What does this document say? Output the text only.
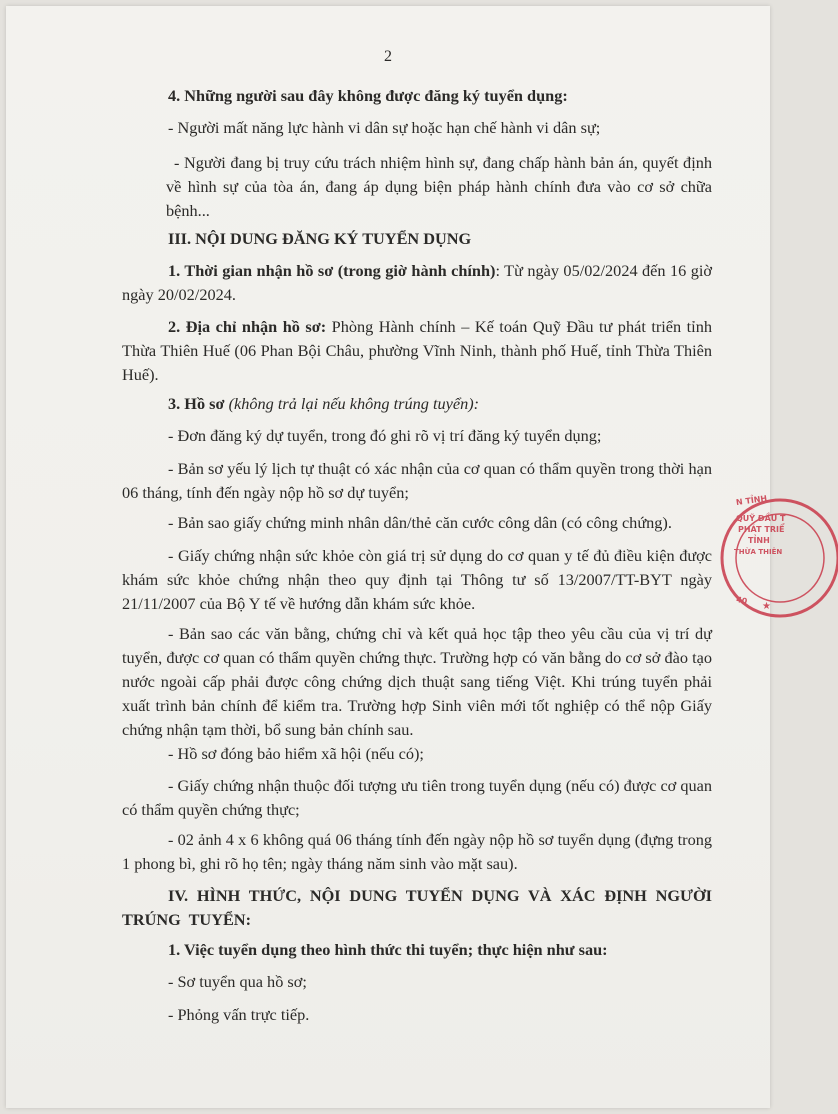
2

4. Những người sau đây không được đăng ký tuyển dụng:

- Người mất năng lực hành vi dân sự hoặc hạn chế hành vi dân sự;

- Người đang bị truy cứu trách nhiệm hình sự, đang chấp hành bản án, quyết định về hình sự của tòa án, đang áp dụng biện pháp hành chính đưa vào cơ sở chữa bệnh...

III. NỘI DUNG ĐĂNG KÝ TUYỂN DỤNG

1. Thời gian nhận hồ sơ (trong giờ hành chính): Từ ngày 05/02/2024 đến 16 giờ ngày 20/02/2024.

2. Địa chỉ nhận hồ sơ: Phòng Hành chính – Kế toán Quỹ Đầu tư phát triển tỉnh Thừa Thiên Huế (06 Phan Bội Châu, phường Vĩnh Ninh, thành phố Huế, tỉnh Thừa Thiên Huế).

3. Hồ sơ (không trả lại nếu không trúng tuyển):

- Đơn đăng ký dự tuyển, trong đó ghi rõ vị trí đăng ký tuyển dụng;

- Bản sơ yếu lý lịch tự thuật có xác nhận của cơ quan có thẩm quyền trong thời hạn 06 tháng, tính đến ngày nộp hồ sơ dự tuyển;

- Bản sao giấy chứng minh nhân dân/thẻ căn cước công dân (có công chứng).

- Giấy chứng nhận sức khỏe còn giá trị sử dụng do cơ quan y tế đủ điều kiện được khám sức khỏe chứng nhận theo quy định tại Thông tư số 13/2007/TT-BYT ngày 21/11/2007 của Bộ Y tế về hướng dẫn khám sức khỏe.

- Bản sao các văn bằng, chứng chỉ và kết quả học tập theo yêu cầu của vị trí dự tuyển, được cơ quan có thẩm quyền chứng thực. Trường hợp có văn bằng do cơ sở đào tạo nước ngoài cấp phải được công chứng dịch thuật sang tiếng Việt. Khi trúng tuyển phải xuất trình bản chính để kiểm tra. Trường hợp Sinh viên mới tốt nghiệp có thể nộp Giấy chứng nhận tạm thời, bổ sung bản chính sau.

- Hồ sơ đóng bảo hiểm xã hội (nếu có);

- Giấy chứng nhận thuộc đối tượng ưu tiên trong tuyển dụng (nếu có) được cơ quan có thẩm quyền chứng thực;

- 02 ảnh 4 x 6 không quá 06 tháng tính đến ngày nộp hồ sơ tuyển dụng (đựng trong 1 phong bì, ghi rõ họ tên; ngày tháng năm sinh vào mặt sau).

IV. HÌNH THỨC, NỘI DUNG TUYỂN DỤNG VÀ XÁC ĐỊNH NGƯỜI TRÚNG TUYỂN:

1. Việc tuyển dụng theo hình thức thi tuyển; thực hiện như sau:

- Sơ tuyển qua hồ sơ;

- Phỏng vấn trực tiếp.

N TỈNH
QUỸ ĐẦU T
PHÁT TRIỂ
TỈNH
THỪA THIÊN
40
★
